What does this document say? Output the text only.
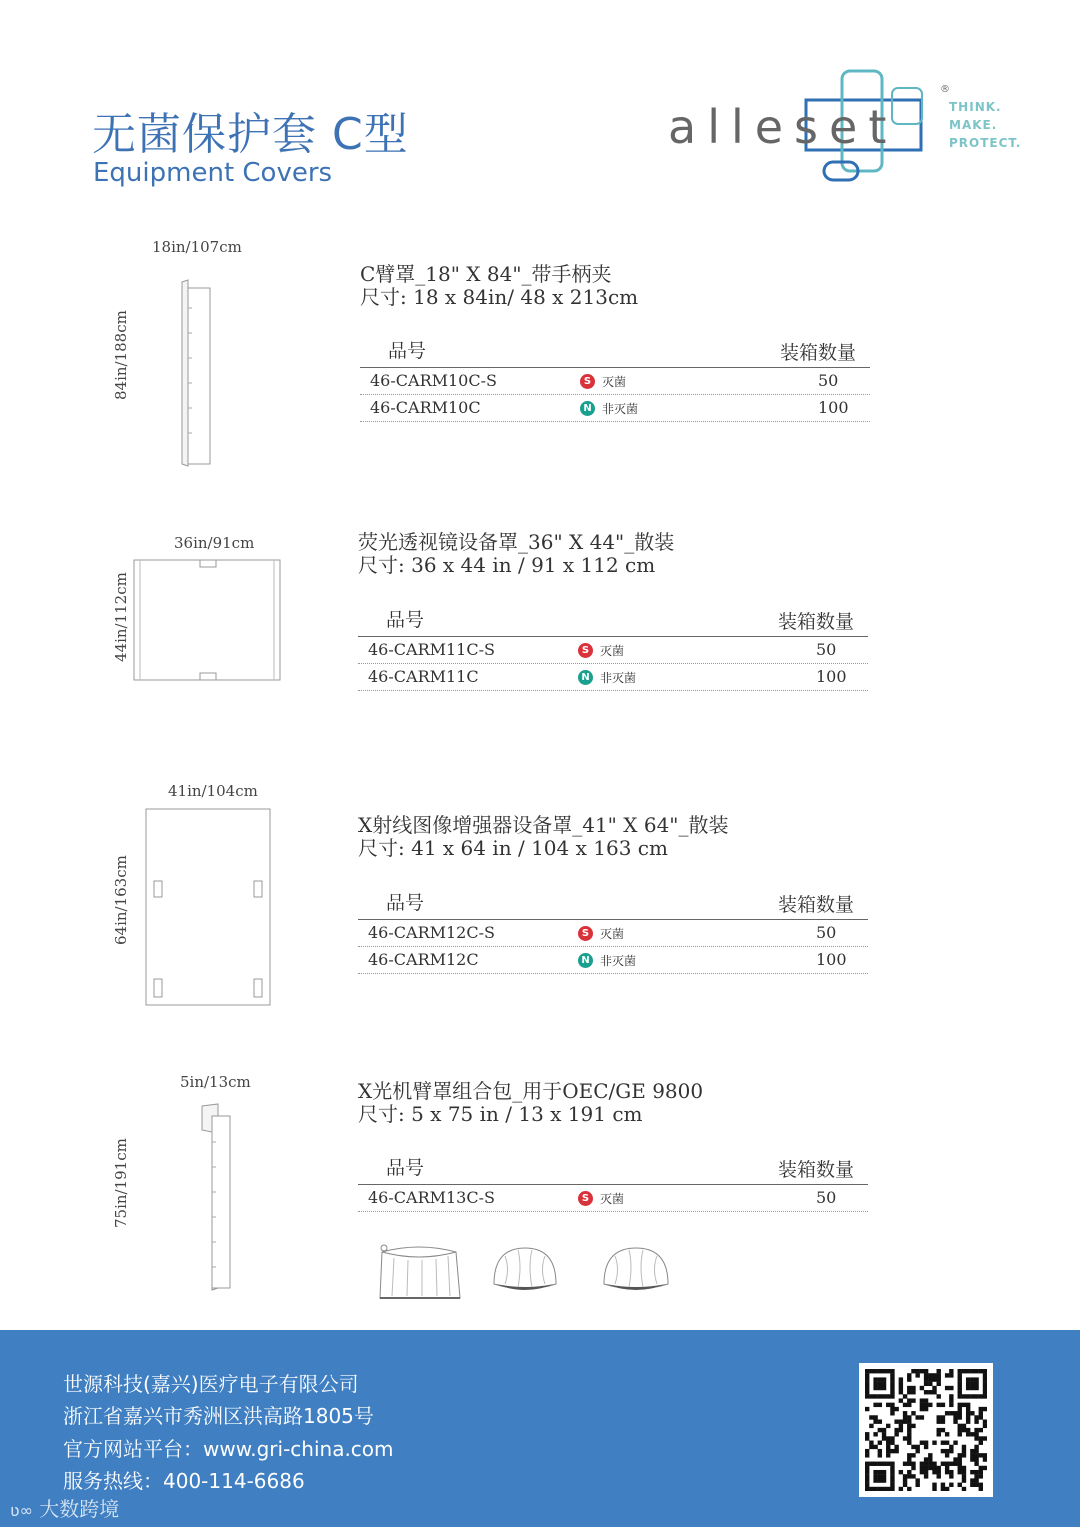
无菌保护套 C型
Equipment Covers
alleset
®
THINK.
MAKE.
PROTECT.
18in/107cm
84in/188cm
C臂罩_18" X 84"_带手柄夹
尺寸: 18 x 84in/ 48 x 213cm
品号	装箱数量
46-CARM10C-S	S 灭菌	50
46-CARM10C	N 非灭菌	100
36in/91cm
44in/112cm
荧光透视镜设备罩_36" X 44"_散装
尺寸: 36 x 44 in / 91 x 112 cm
品号	装箱数量
46-CARM11C-S	S 灭菌	50
46-CARM11C	N 非灭菌	100
41in/104cm
64in/163cm
X射线图像增强器设备罩_41" X 64"_散装
尺寸: 41 x 64 in / 104 x 163 cm
品号	装箱数量
46-CARM12C-S	S 灭菌	50
46-CARM12C	N 非灭菌	100
5in/13cm
75in/191cm
X光机臂罩组合包_用于OEC/GE 9800
尺寸: 5 x 75 in / 13 x 191 cm
品号	装箱数量
46-CARM13C-S	S 灭菌	50
世源科技(嘉兴)医疗电子有限公司
浙江省嘉兴市秀洲区洪高路1805号
官方网站平台：www.gri-china.com
服务热线：400-114-6686
ʋ∞ 大数跨境
